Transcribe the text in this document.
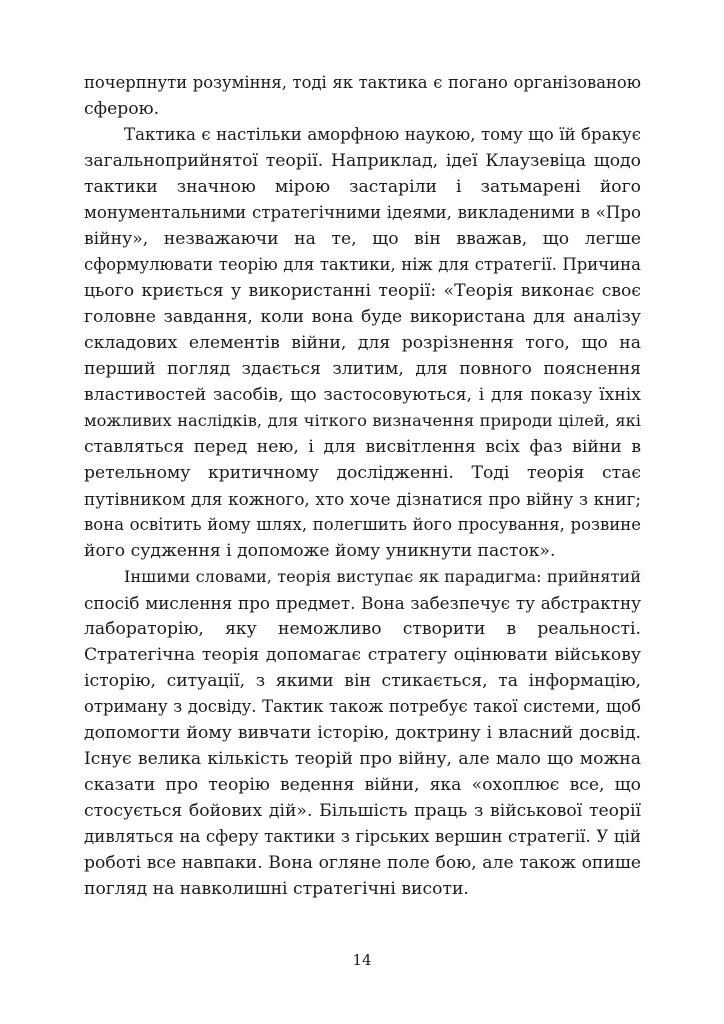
почерпнути розуміння, тоді як тактика є погано організованою
сферою.
Тактика є настільки аморфною наукою, тому що їй бракує
загальноприйнятої теорії. Наприклад, ідеї Клаузевіца щодо
тактики значною мірою застаріли і затьмарені його
монументальними стратегічними ідеями, викладеними в «Про
війну», незважаючи на те, що він вважав, що легше
сформулювати теорію для тактики, ніж для стратегії. Причина
цього криється у використанні теорії: «Теорія виконає своє
головне завдання, коли вона буде використана для аналізу
складових елементів війни, для розрізнення того, що на
перший погляд здається злитим, для повного пояснення
властивостей засобів, що застосовуються, і для показу їхніх
можливих наслідків, для чіткого визначення природи цілей, які
ставляться перед нею, і для висвітлення всіх фаз війни в
ретельному критичному дослідженні. Тоді теорія стає
путівником для кожного, хто хоче дізнатися про війну з книг;
вона освітить йому шлях, полегшить його просування, розвине
його судження і допоможе йому уникнути пасток».
Іншими словами, теорія виступає як парадигма: прийнятий
спосіб мислення про предмет. Вона забезпечує ту абстрактну
лабораторію, яку неможливо створити в реальності.
Стратегічна теорія допомагає стратегу оцінювати військову
історію, ситуації, з якими він стикається, та інформацію,
отриману з досвіду. Тактик також потребує такої системи, щоб
допомогти йому вивчати історію, доктрину і власний досвід.
Існує велика кількість теорій про війну, але мало що можна
сказати про теорію ведення війни, яка «охоплює все, що
стосується бойових дій». Більшість праць з військової теорії
дивляться на сферу тактики з гірських вершин стратегії. У цій
роботі все навпаки. Вона огляне поле бою, але також опише
погляд на навколишні стратегічні висоти.
14
